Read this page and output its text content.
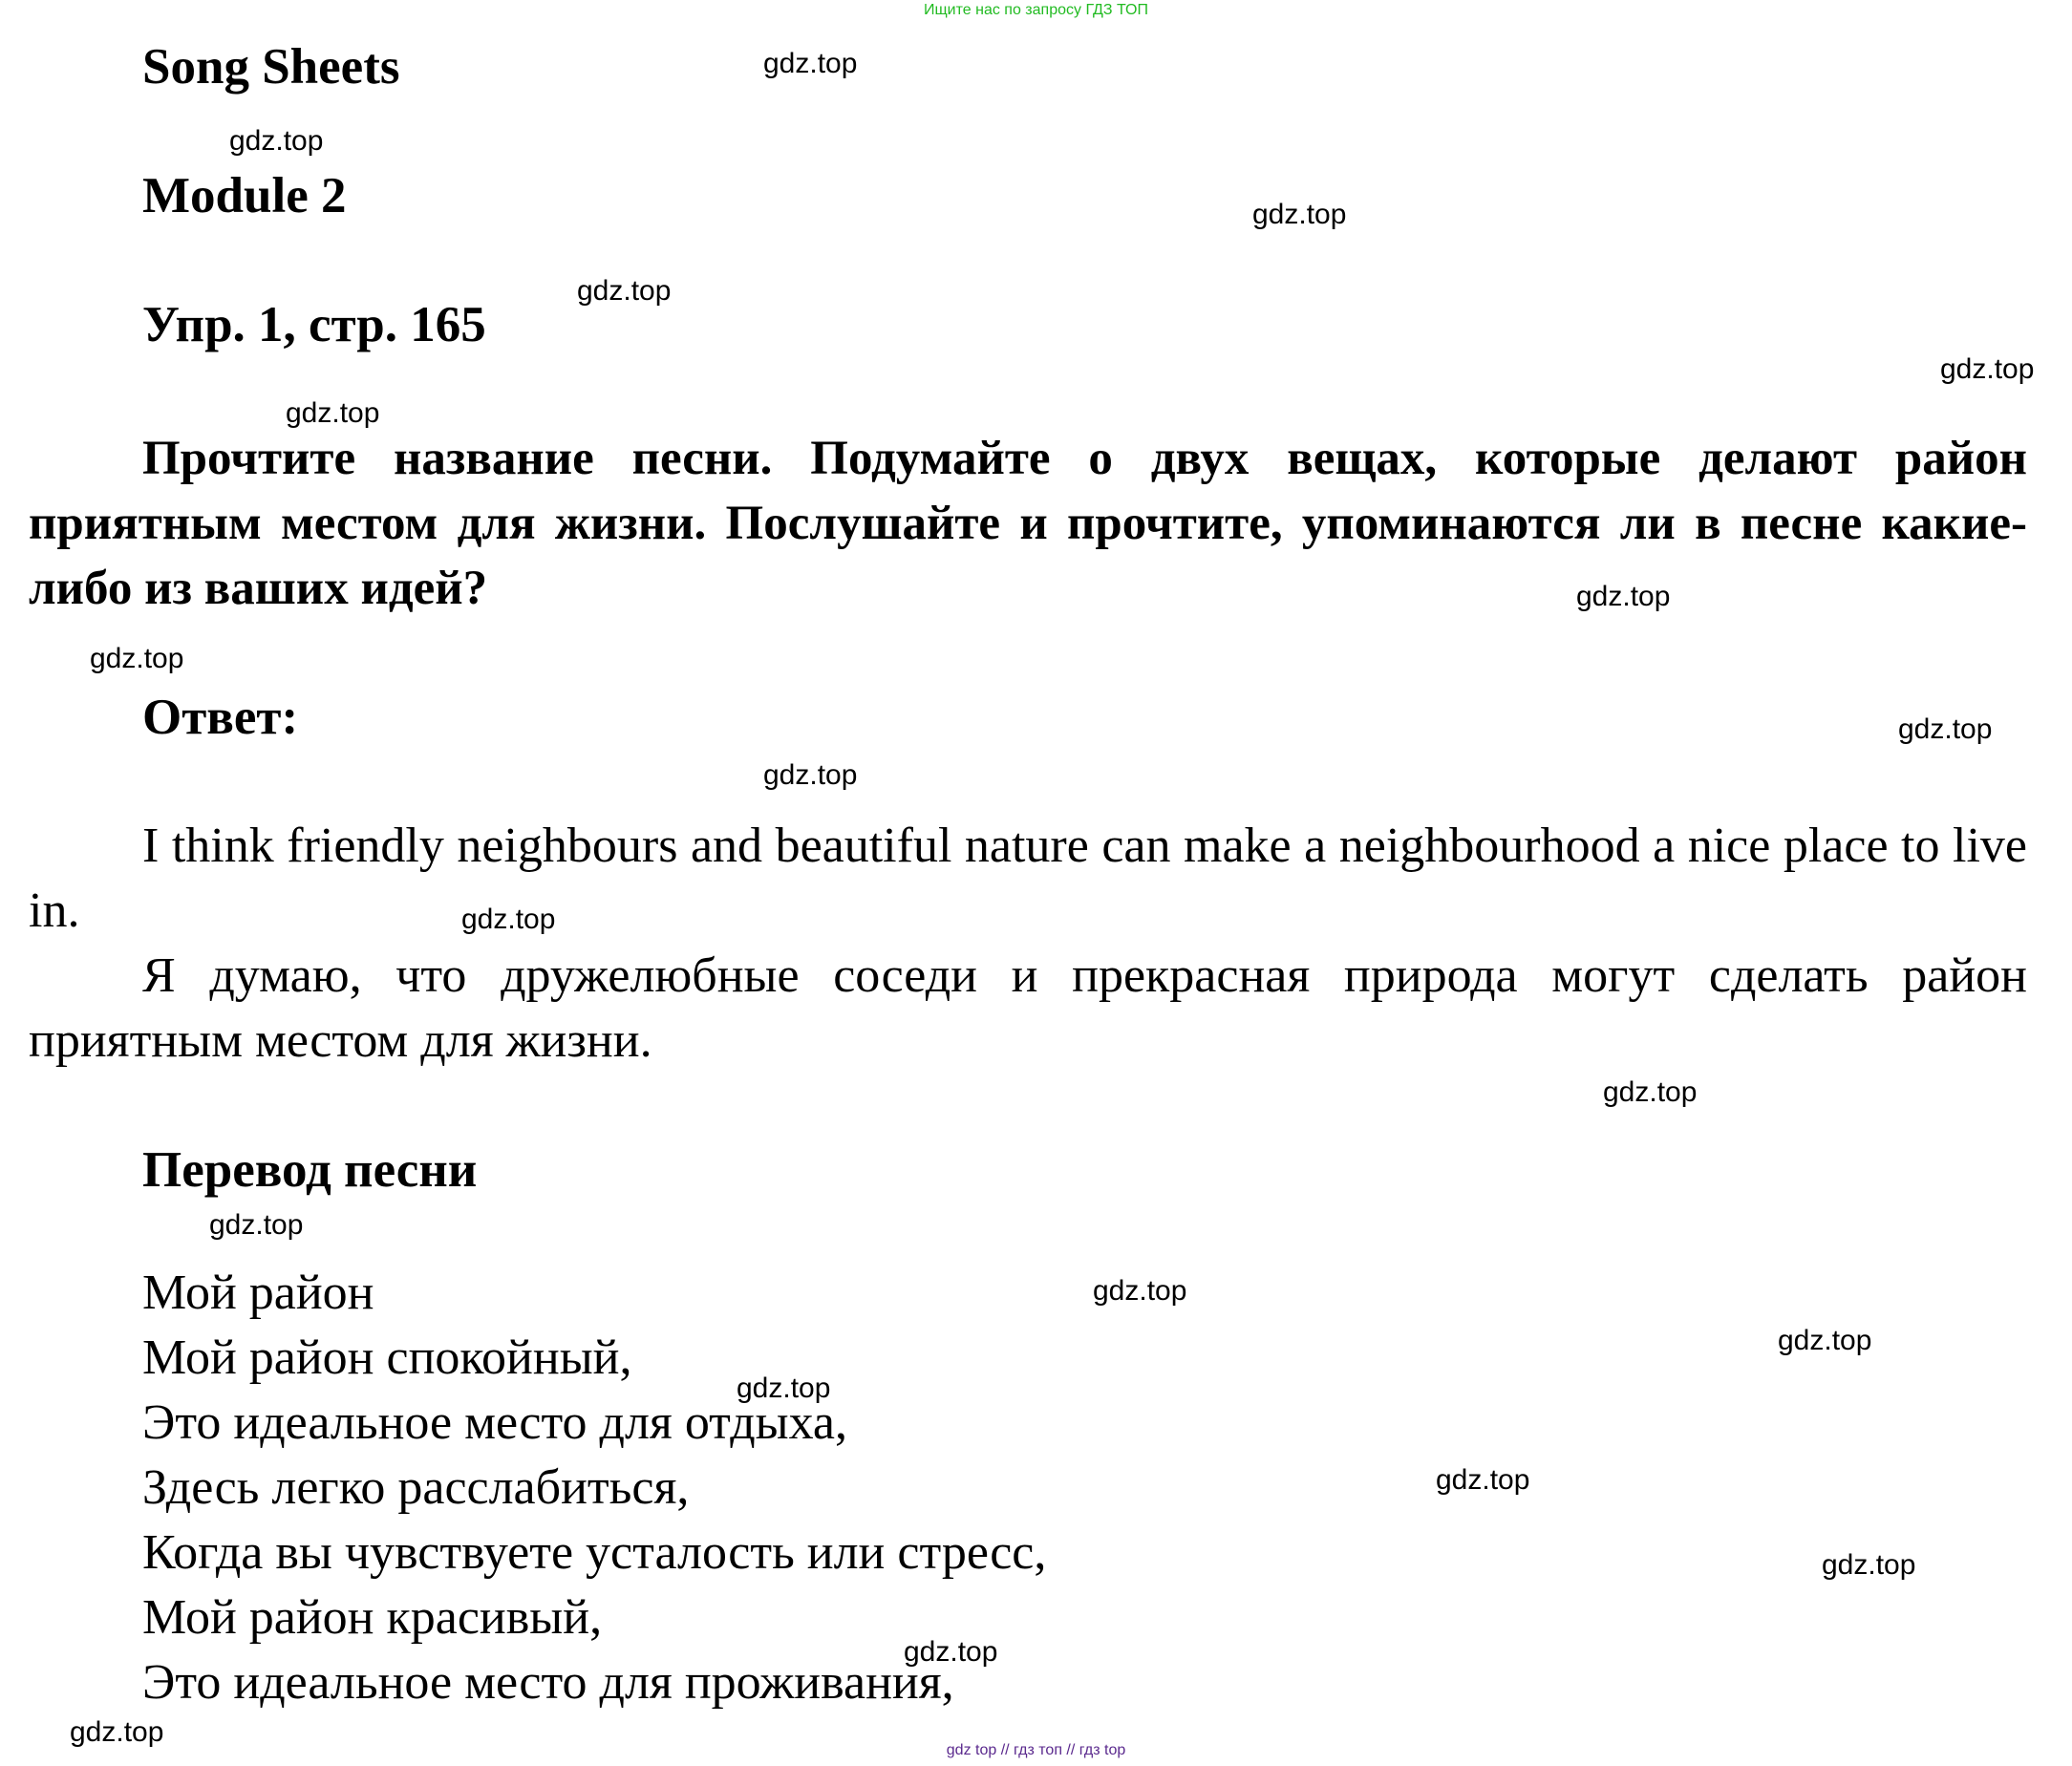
Ищите нас по запросу ГДЗ ТОП
Song Sheets
Module 2
Упр. 1, стр. 165
Прочтите название песни. Подумайте о двух вещах, которые делают район приятным местом для жизни. Послушайте и прочтите, упоминаются ли в песне какие-либо из ваших идей?
Ответ:
I think friendly neighbours and beautiful nature can make a neighbourhood a nice place to live in.
Я думаю, что дружелюбные соседи и прекрасная природа могут сделать район приятным местом для жизни.
Перевод песни
Мой район
Мой район спокойный,
Это идеальное место для отдыха,
Здесь легко расслабиться,
Когда вы чувствуете усталость или стресс,
Мой район красивый,
Это идеальное место для проживания,
gdz.top
gdz.top
gdz.top
gdz.top
gdz.top
gdz.top
gdz.top
gdz.top
gdz.top
gdz.top
gdz.top
gdz.top
gdz.top
gdz.top
gdz.top
gdz.top
gdz.top
gdz.top
gdz.top
gdz.top
gdz top // гдз топ // гдз top
